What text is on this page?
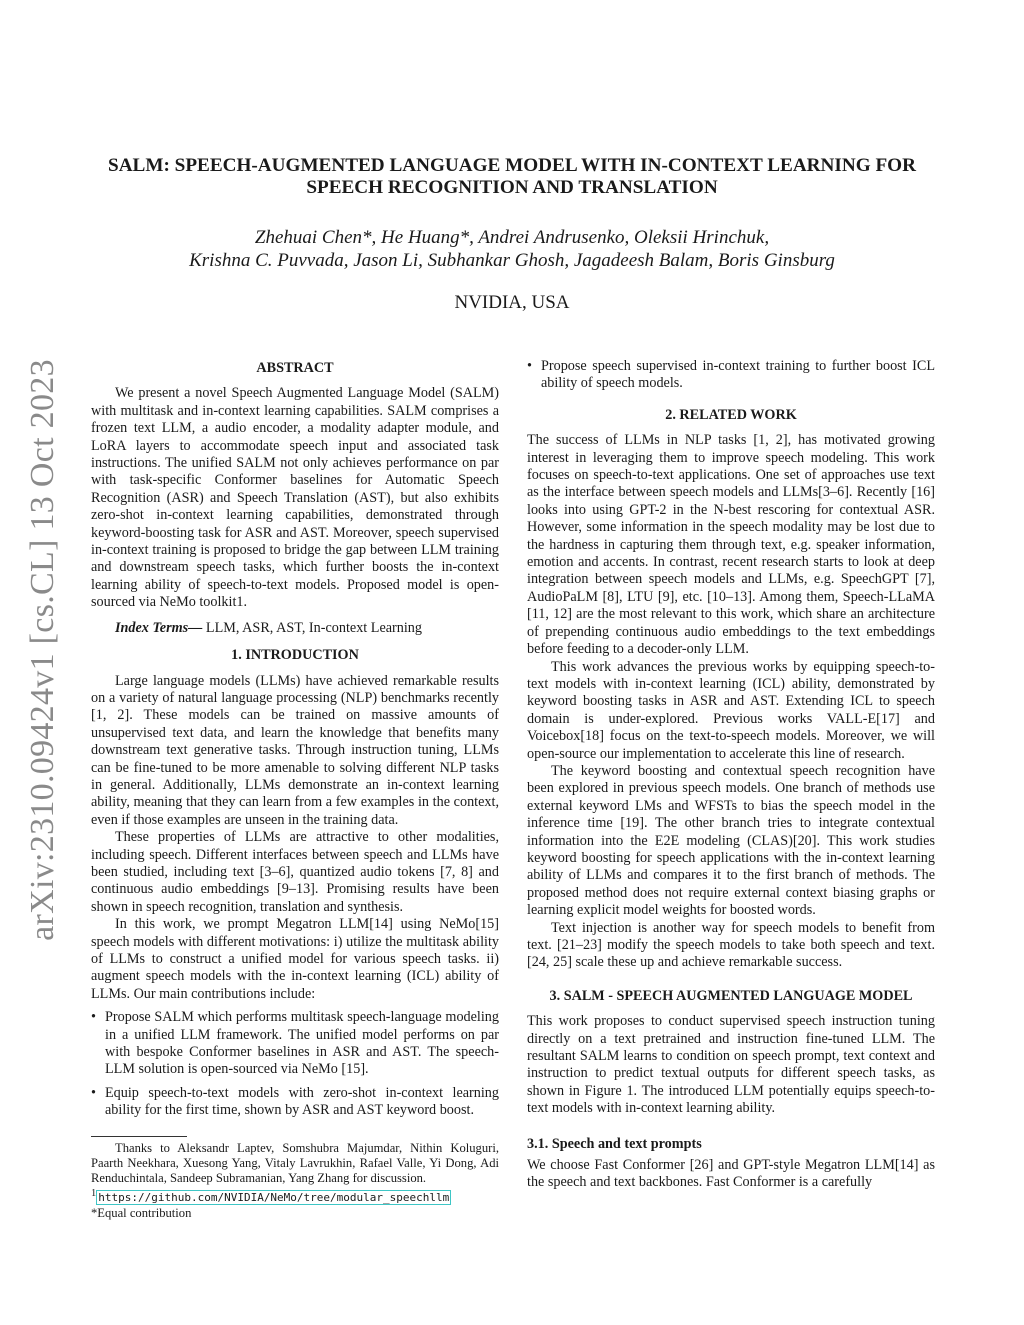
arXiv:2310.09424v1 [cs.CL] 13 Oct 2023
SALM: SPEECH-AUGMENTED LANGUAGE MODEL WITH IN-CONTEXT LEARNING FOR
SPEECH RECOGNITION AND TRANSLATION
Zhehuai Chen*, He Huang*, Andrei Andrusenko, Oleksii Hrinchuk,
Krishna C. Puvvada, Jason Li, Subhankar Ghosh, Jagadeesh Balam, Boris Ginsburg
NVIDIA, USA
ABSTRACT

We present a novel Speech Augmented Language Model (SALM) with multitask and in-context learning capabilities. SALM comprises a frozen text LLM, a audio encoder, a modality adapter module, and LoRA layers to accommodate speech input and associated task instructions. The unified SALM not only achieves performance on par with task-specific Conformer baselines for Automatic Speech Recognition (ASR) and Speech Translation (AST), but also exhibits zero-shot in-context learning capabilities, demonstrated through keyword-boosting task for ASR and AST. Moreover, speech supervised in-context training is proposed to bridge the gap between LLM training and downstream speech tasks, which further boosts the in-context learning ability of speech-to-text models. Proposed model is open-sourced via NeMo toolkit1.

Index Terms— LLM, ASR, AST, In-context Learning

1. INTRODUCTION

Large language models (LLMs) have achieved remarkable results on a variety of natural language processing (NLP) benchmarks recently [1, 2]. These models can be trained on massive amounts of unsupervised text data, and learn the knowledge that benefits many downstream text generative tasks. Through instruction tuning, LLMs can be fine-tuned to be more amenable to solving different NLP tasks in general. Additionally, LLMs demonstrate an in-context learning ability, meaning that they can learn from a few examples in the context, even if those examples are unseen in the training data.

These properties of LLMs are attractive to other modalities, including speech. Different interfaces between speech and LLMs have been studied, including text [3–6], quantized audio tokens [7, 8] and continuous audio embeddings [9–13]. Promising results have been shown in speech recognition, translation and synthesis.

In this work, we prompt Megatron LLM[14] using NeMo[15] speech models with different motivations: i) utilize the multitask ability of LLMs to construct a unified model for various speech tasks. ii) augment speech models with the in-context learning (ICL) ability of LLMs. Our main contributions include:

• Propose SALM which performs multitask speech-language modeling in a unified LLM framework. The unified model performs on par with bespoke Conformer baselines in ASR and AST. The speech-LLM solution is open-sourced via NeMo [15].
• Equip speech-to-text models with zero-shot in-context learning ability for the first time, shown by ASR and AST keyword boost.

Thanks to Aleksandr Laptev, Somshubra Majumdar, Nithin Koluguri, Paarth Neekhara, Xuesong Yang, Vitaly Lavrukhin, Rafael Valle, Yi Dong, Adi Renduchintala, Sandeep Subramanian, Yang Zhang for discussion.

$^1$ https://github.com/NVIDIA/NeMo/tree/modular_speechllm

*Equal contribution

• Propose speech supervised in-context training to further boost ICL ability of speech models.
2. RELATED WORK

The success of LLMs in NLP tasks [1, 2], has motivated growing interest in leveraging them to improve speech modeling. This work focuses on speech-to-text applications. One set of approaches use text as the interface between speech models and LLMs[3–6]. Recently [16] looks into using GPT-2 in the N-best rescoring for contextual ASR. However, some information in the speech modality may be lost due to the hardness in capturing them through text, e.g. speaker information, emotion and accents. In contrast, recent research starts to look at deep integration between speech models and LLMs, e.g. SpeechGPT [7], AudioPaLM [8], LTU [9], etc. [10–13]. Among them, Speech-LLaMA [11, 12] are the most relevant to this work, which share an architecture of prepending continuous audio embeddings to the text embeddings before feeding to a decoder-only LLM.

This work advances the previous works by equipping speech-to-text models with in-context learning (ICL) ability, demonstrated by keyword boosting tasks in ASR and AST. Extending ICL to speech domain is under-explored. Previous works VALL-E[17] and Voicebox[18] focus on the text-to-speech models. Moreover, we will open-source our implementation to accelerate this line of research.

The keyword boosting and contextual speech recognition have been explored in previous speech models. One branch of methods use external keyword LMs and WFSTs to bias the speech model in the inference time [19]. The other branch tries to integrate contextual information into the E2E modeling (CLAS)[20]. This work studies keyword boosting for speech applications with the in-context learning ability of LLMs and compares it to the first branch of methods. The proposed method does not require external context biasing graphs or learning explicit model weights for boosted words.

Text injection is another way for speech models to benefit from text. [21–23] modify the speech models to take both speech and text. [24, 25] scale these up and achieve remarkable success.

3. SALM - SPEECH AUGMENTED LANGUAGE MODEL

This work proposes to conduct supervised speech instruction tuning directly on a text pretrained and instruction fine-tuned LLM. The resultant SALM learns to condition on speech prompt, text context and instruction to predict textual outputs for different speech tasks, as shown in Figure 1. The introduced LLM potentially equips speech-to-text models with in-context learning ability.

3.1. Speech and text prompts

We choose Fast Conformer [26] and GPT-style Megatron LLM[14] as the speech and text backbones. Fast Conformer is a carefully
